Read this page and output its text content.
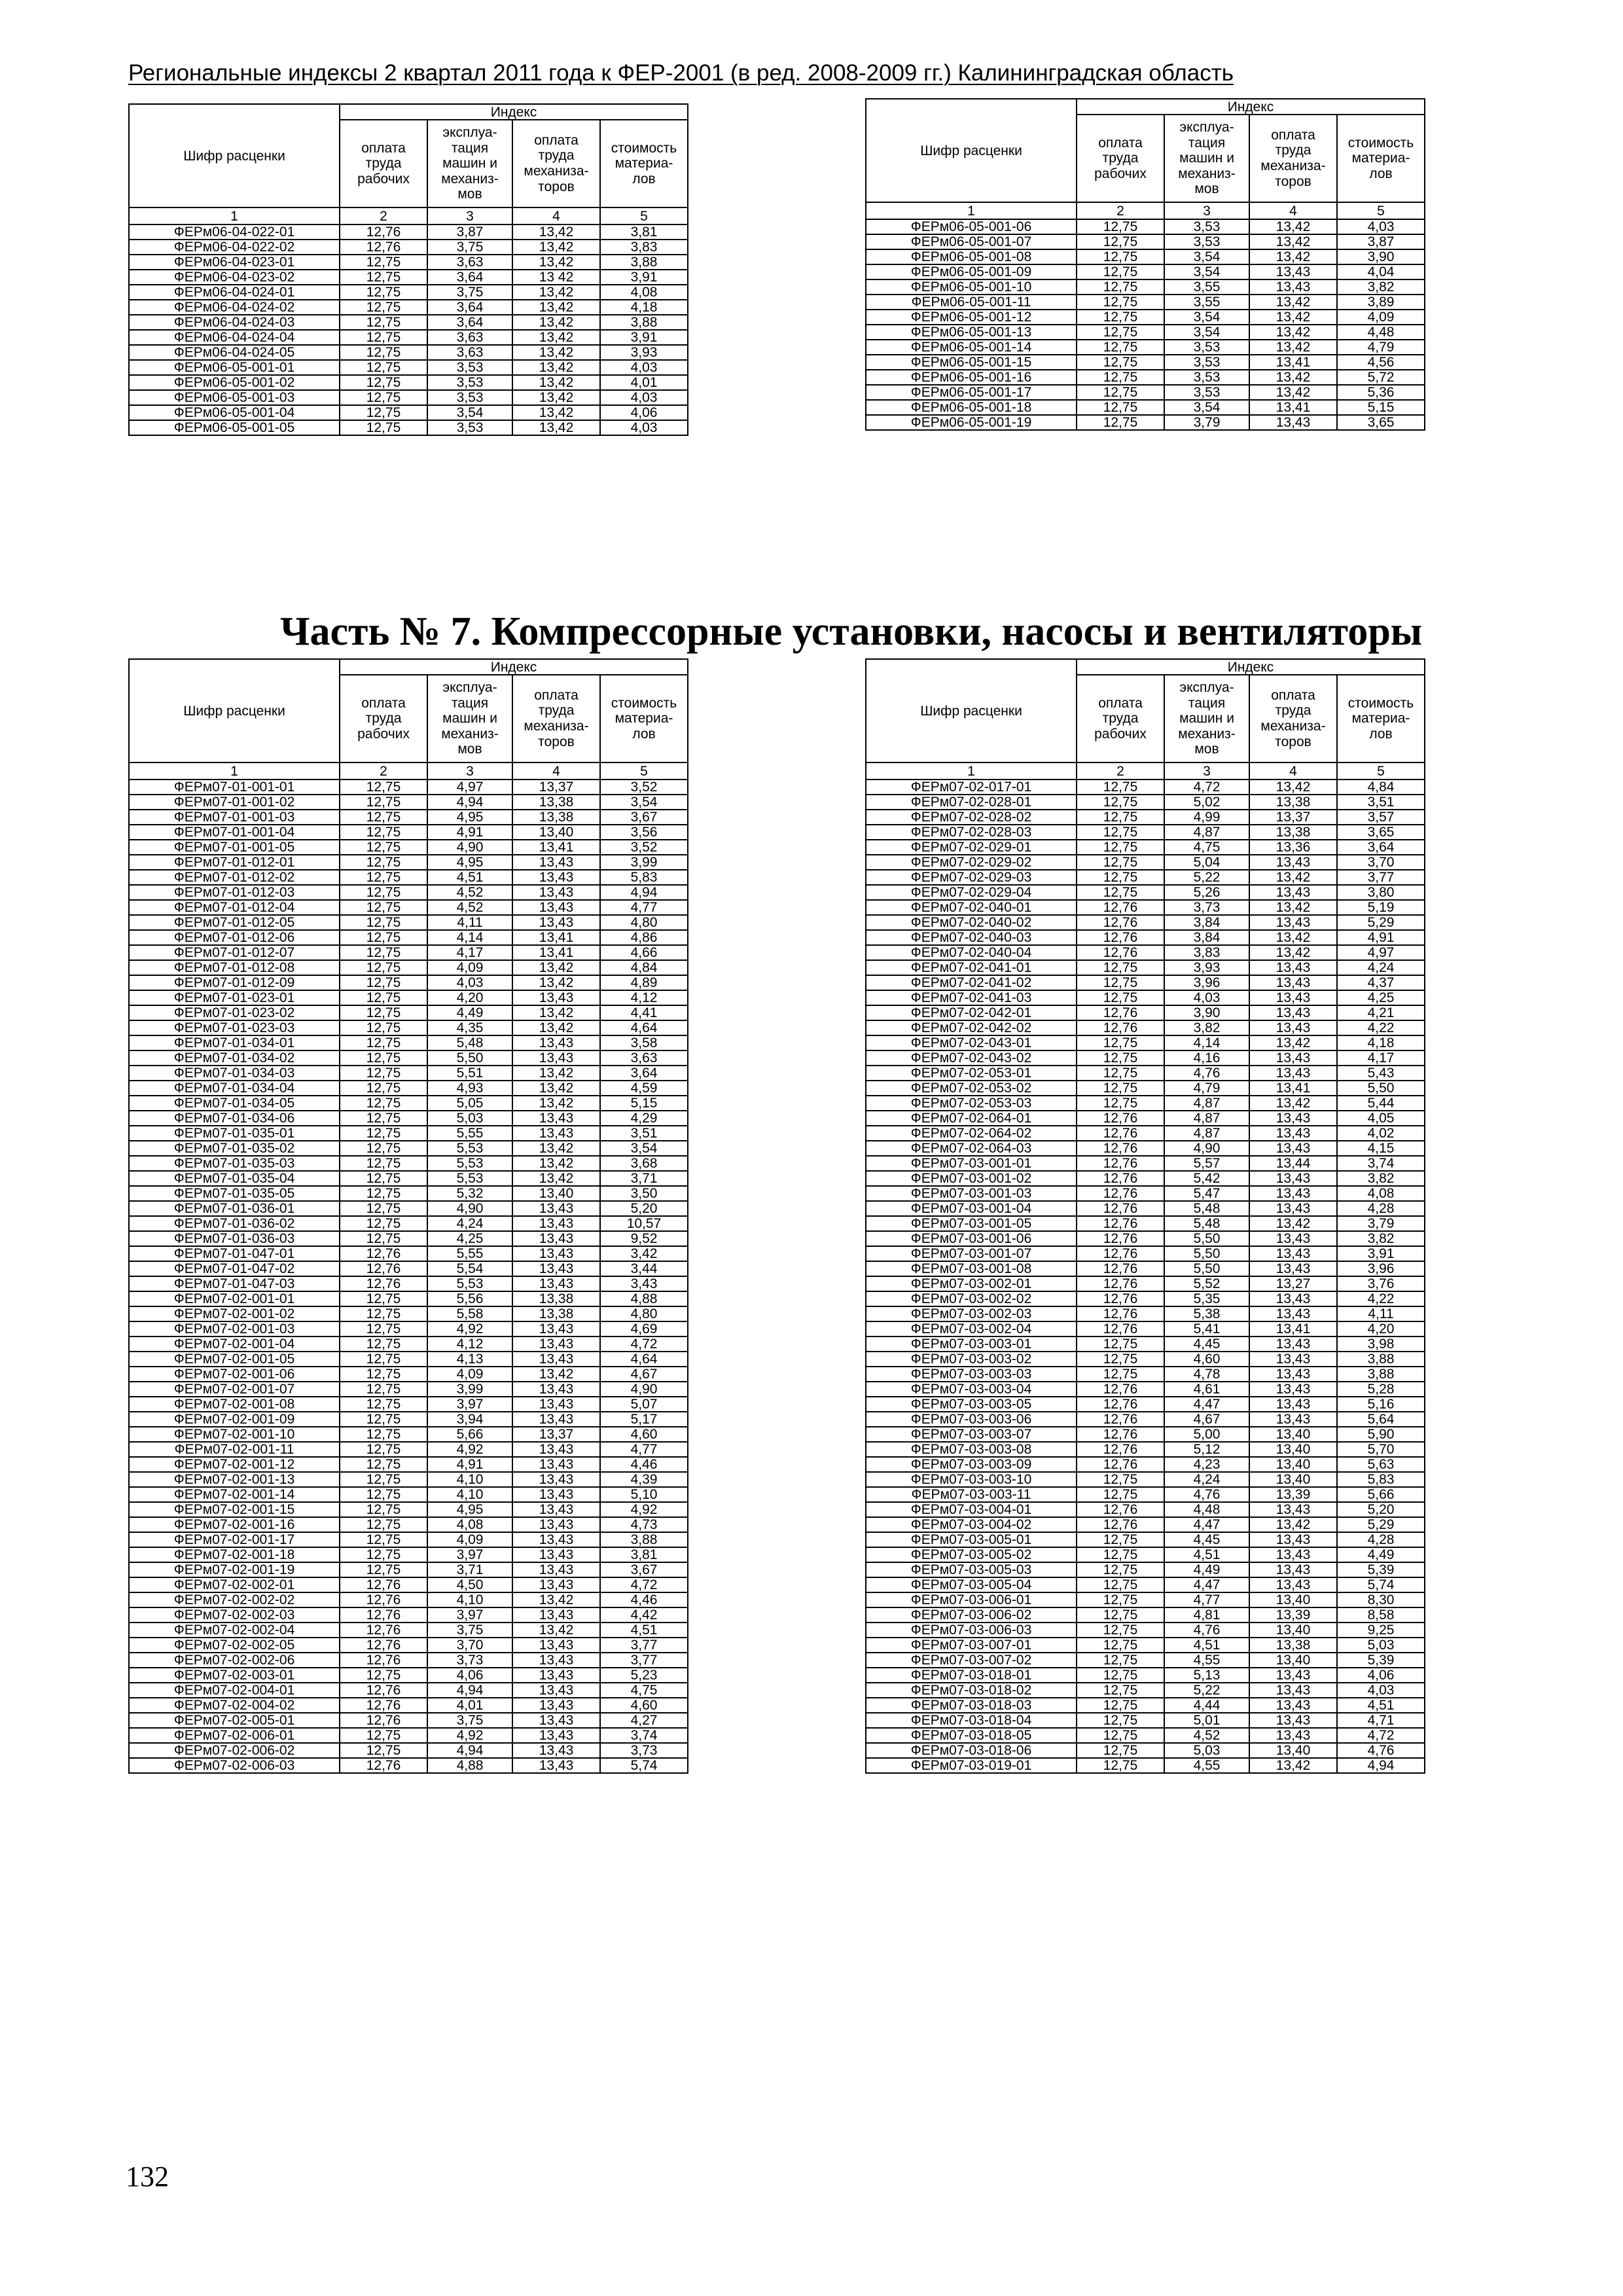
Региональные индексы 2 квартал 2011 года к ФЕР-2001 (в ред. 2008-2009 гг.) Калининградская область
Шифр расценки	Индекс			
	оплата труда рабочих	эксплуа- тация машин и механиз- мов	оплата труда механиза- торов	стоимость материа- лов
1	2	3	4	5
ФЕРм06-04-022-01	12,76	3,87	13,42	3,81
ФЕРм06-04-022-02	12,76	3,75	13,42	3,83
ФЕРм06-04-023-01	12,75	3,63	13,42	3,88
ФЕРм06-04-023-02	12,75	3,64	13 42	3,91
ФЕРм06-04-024-01	12,75	3,75	13,42	4,08
ФЕРм06-04-024-02	12,75	3,64	13,42	4,18
ФЕРм06-04-024-03	12,75	3,64	13,42	3,88
ФЕРм06-04-024-04	12,75	3,63	13,42	3,91
ФЕРм06-04-024-05	12,75	3,63	13,42	3,93
ФЕРм06-05-001-01	12,75	3,53	13,42	4,03
ФЕРм06-05-001-02	12,75	3,53	13,42	4,01
ФЕРм06-05-001-03	12,75	3,53	13,42	4,03
ФЕРм06-05-001-04	12,75	3,54	13,42	4,06
ФЕРм06-05-001-05	12,75	3,53	13,42	4,03
Шифр расценки	Индекс			
	оплата труда рабочих	эксплуа- тация машин и механиз- мов	оплата труда механиза- торов	стоимость материа- лов
1	2	3	4	5
ФЕРм06-05-001-06	12,75	3,53	13,42	4,03
ФЕРм06-05-001-07	12,75	3,53	13,42	3,87
ФЕРм06-05-001-08	12,75	3,54	13,42	3,90
ФЕРм06-05-001-09	12,75	3,54	13,43	4,04
ФЕРм06-05-001-10	12,75	3,55	13,43	3,82
ФЕРм06-05-001-11	12,75	3,55	13,42	3,89
ФЕРм06-05-001-12	12,75	3,54	13,42	4,09
ФЕРм06-05-001-13	12,75	3,54	13,42	4,48
ФЕРм06-05-001-14	12,75	3,53	13,42	4,79
ФЕРм06-05-001-15	12,75	3,53	13,41	4,56
ФЕРм06-05-001-16	12,75	3,53	13,42	5,72
ФЕРм06-05-001-17	12,75	3,53	13,42	5,36
ФЕРм06-05-001-18	12,75	3,54	13,41	5,15
ФЕРм06-05-001-19	12,75	3,79	13,43	3,65
Часть № 7. Компрессорные установки, насосы и вентиляторы
Шифр расценки	Индекс			
	оплата труда рабочих	эксплуа- тация машин и механиз- мов	оплата труда механиза- торов	стоимость материа- лов
1	2	3	4	5
ФЕРм07-01-001-01	12,75	4,97	13,37	3,52
ФЕРм07-01-001-02	12,75	4,94	13,38	3,54
ФЕРм07-01-001-03	12,75	4,95	13,38	3,67
ФЕРм07-01-001-04	12,75	4,91	13,40	3,56
ФЕРм07-01-001-05	12,75	4,90	13,41	3,52
ФЕРм07-01-012-01	12,75	4,95	13,43	3,99
ФЕРм07-01-012-02	12,75	4,51	13,43	5,83
ФЕРм07-01-012-03	12,75	4,52	13,43	4,94
ФЕРм07-01-012-04	12,75	4,52	13,43	4,77
ФЕРм07-01-012-05	12,75	4,11	13,43	4,80
ФЕРм07-01-012-06	12,75	4,14	13,41	4,86
ФЕРм07-01-012-07	12,75	4,17	13,41	4,66
ФЕРм07-01-012-08	12,75	4,09	13,42	4,84
ФЕРм07-01-012-09	12,75	4,03	13,42	4,89
ФЕРм07-01-023-01	12,75	4,20	13,43	4,12
ФЕРм07-01-023-02	12,75	4,49	13,42	4,41
ФЕРм07-01-023-03	12,75	4,35	13,42	4,64
ФЕРм07-01-034-01	12,75	5,48	13,43	3,58
ФЕРм07-01-034-02	12,75	5,50	13,43	3,63
ФЕРм07-01-034-03	12,75	5,51	13,42	3,64
ФЕРм07-01-034-04	12,75	4,93	13,42	4,59
ФЕРм07-01-034-05	12,75	5,05	13,42	5,15
ФЕРм07-01-034-06	12,75	5,03	13,43	4,29
ФЕРм07-01-035-01	12,75	5,55	13,43	3,51
ФЕРм07-01-035-02	12,75	5,53	13,42	3,54
ФЕРм07-01-035-03	12,75	5,53	13,42	3,68
ФЕРм07-01-035-04	12,75	5,53	13,42	3,71
ФЕРм07-01-035-05	12,75	5,32	13,40	3,50
ФЕРм07-01-036-01	12,75	4,90	13,43	5,20
ФЕРм07-01-036-02	12,75	4,24	13,43	10,57
ФЕРм07-01-036-03	12,75	4,25	13,43	9,52
ФЕРм07-01-047-01	12,76	5,55	13,43	3,42
ФЕРм07-01-047-02	12,76	5,54	13,43	3,44
ФЕРм07-01-047-03	12,76	5,53	13,43	3,43
ФЕРм07-02-001-01	12,75	5,56	13,38	4,88
ФЕРм07-02-001-02	12,75	5,58	13,38	4,80
ФЕРм07-02-001-03	12,75	4,92	13,43	4,69
ФЕРм07-02-001-04	12,75	4,12	13,43	4,72
ФЕРм07-02-001-05	12,75	4,13	13,43	4,64
ФЕРм07-02-001-06	12,75	4,09	13,42	4,67
ФЕРм07-02-001-07	12,75	3,99	13,43	4,90
ФЕРм07-02-001-08	12,75	3,97	13,43	5,07
ФЕРм07-02-001-09	12,75	3,94	13,43	5,17
ФЕРм07-02-001-10	12,75	5,66	13,37	4,60
ФЕРм07-02-001-11	12,75	4,92	13,43	4,77
ФЕРм07-02-001-12	12,75	4,91	13,43	4,46
ФЕРм07-02-001-13	12,75	4,10	13,43	4,39
ФЕРм07-02-001-14	12,75	4,10	13,43	5,10
ФЕРм07-02-001-15	12,75	4,95	13,43	4,92
ФЕРм07-02-001-16	12,75	4,08	13,43	4,73
ФЕРм07-02-001-17	12,75	4,09	13,43	3,88
ФЕРм07-02-001-18	12,75	3,97	13,43	3,81
ФЕРм07-02-001-19	12,75	3,71	13,43	3,67
ФЕРм07-02-002-01	12,76	4,50	13,43	4,72
ФЕРм07-02-002-02	12,76	4,10	13,42	4,46
ФЕРм07-02-002-03	12,76	3,97	13,43	4,42
ФЕРм07-02-002-04	12,76	3,75	13,42	4,51
ФЕРм07-02-002-05	12,76	3,70	13,43	3,77
ФЕРм07-02-002-06	12,76	3,73	13,43	3,77
ФЕРм07-02-003-01	12,75	4,06	13,43	5,23
ФЕРм07-02-004-01	12,76	4,94	13,43	4,75
ФЕРм07-02-004-02	12,76	4,01	13,43	4,60
ФЕРм07-02-005-01	12,76	3,75	13,43	4,27
ФЕРм07-02-006-01	12,75	4,92	13,43	3,74
ФЕРм07-02-006-02	12,75	4,94	13,43	3,73
ФЕРм07-02-006-03	12,76	4,88	13,43	5,74
Шифр расценки	Индекс			
	оплата труда рабочих	эксплуа- тация машин и механиз- мов	оплата труда механиза- торов	стоимость материа- лов
1	2	3	4	5
ФЕРм07-02-017-01	12,75	4,72	13,42	4,84
ФЕРм07-02-028-01	12,75	5,02	13,38	3,51
ФЕРм07-02-028-02	12,75	4,99	13,37	3,57
ФЕРм07-02-028-03	12,75	4,87	13,38	3,65
ФЕРм07-02-029-01	12,75	4,75	13,36	3,64
ФЕРм07-02-029-02	12,75	5,04	13,43	3,70
ФЕРм07-02-029-03	12,75	5,22	13,42	3,77
ФЕРм07-02-029-04	12,75	5,26	13,43	3,80
ФЕРм07-02-040-01	12,76	3,73	13,42	5,19
ФЕРм07-02-040-02	12,76	3,84	13,43	5,29
ФЕРм07-02-040-03	12,76	3,84	13,42	4,91
ФЕРм07-02-040-04	12,76	3,83	13,42	4,97
ФЕРм07-02-041-01	12,75	3,93	13,43	4,24
ФЕРм07-02-041-02	12,75	3,96	13,43	4,37
ФЕРм07-02-041-03	12,75	4,03	13,43	4,25
ФЕРм07-02-042-01	12,76	3,90	13,43	4,21
ФЕРм07-02-042-02	12,76	3,82	13,43	4,22
ФЕРм07-02-043-01	12,75	4,14	13,42	4,18
ФЕРм07-02-043-02	12,75	4,16	13,43	4,17
ФЕРм07-02-053-01	12,75	4,76	13,43	5,43
ФЕРм07-02-053-02	12,75	4,79	13,41	5,50
ФЕРм07-02-053-03	12,75	4,87	13,42	5,44
ФЕРм07-02-064-01	12,76	4,87	13,43	4,05
ФЕРм07-02-064-02	12,76	4,87	13,43	4,02
ФЕРм07-02-064-03	12,76	4,90	13,43	4,15
ФЕРм07-03-001-01	12,76	5,57	13,44	3,74
ФЕРм07-03-001-02	12,76	5,42	13,43	3,82
ФЕРм07-03-001-03	12,76	5,47	13,43	4,08
ФЕРм07-03-001-04	12,76	5,48	13,43	4,28
ФЕРм07-03-001-05	12,76	5,48	13,42	3,79
ФЕРм07-03-001-06	12,76	5,50	13,43	3,82
ФЕРм07-03-001-07	12,76	5,50	13,43	3,91
ФЕРм07-03-001-08	12,76	5,50	13,43	3,96
ФЕРм07-03-002-01	12,76	5,52	13,27	3,76
ФЕРм07-03-002-02	12,76	5,35	13,43	4,22
ФЕРм07-03-002-03	12,76	5,38	13,43	4,11
ФЕРм07-03-002-04	12,76	5,41	13,41	4,20
ФЕРм07-03-003-01	12,75	4,45	13,43	3,98
ФЕРм07-03-003-02	12,75	4,60	13,43	3,88
ФЕРм07-03-003-03	12,75	4,78	13,43	3,88
ФЕРм07-03-003-04	12,76	4,61	13,43	5,28
ФЕРм07-03-003-05	12,76	4,47	13,43	5,16
ФЕРм07-03-003-06	12,76	4,67	13,43	5,64
ФЕРм07-03-003-07	12,76	5,00	13,40	5,90
ФЕРм07-03-003-08	12,76	5,12	13,40	5,70
ФЕРм07-03-003-09	12,76	4,23	13,40	5,63
ФЕРм07-03-003-10	12,75	4,24	13,40	5,83
ФЕРм07-03-003-11	12,75	4,76	13,39	5,66
ФЕРм07-03-004-01	12,76	4,48	13,43	5,20
ФЕРм07-03-004-02	12,76	4,47	13,42	5,29
ФЕРм07-03-005-01	12,75	4,45	13,43	4,28
ФЕРм07-03-005-02	12,75	4,51	13,43	4,49
ФЕРм07-03-005-03	12,75	4,49	13,43	5,39
ФЕРм07-03-005-04	12,75	4,47	13,43	5,74
ФЕРм07-03-006-01	12,75	4,77	13,40	8,30
ФЕРм07-03-006-02	12,75	4,81	13,39	8,58
ФЕРм07-03-006-03	12,75	4,76	13,40	9,25
ФЕРм07-03-007-01	12,75	4,51	13,38	5,03
ФЕРм07-03-007-02	12,75	4,55	13,40	5,39
ФЕРм07-03-018-01	12,75	5,13	13,43	4,06
ФЕРм07-03-018-02	12,75	5,22	13,43	4,03
ФЕРм07-03-018-03	12,75	4,44	13,43	4,51
ФЕРм07-03-018-04	12,75	5,01	13,43	4,71
ФЕРм07-03-018-05	12,75	4,52	13,43	4,72
ФЕРм07-03-018-06	12,75	5,03	13,40	4,76
ФЕРм07-03-019-01	12,75	4,55	13,42	4,94
132
